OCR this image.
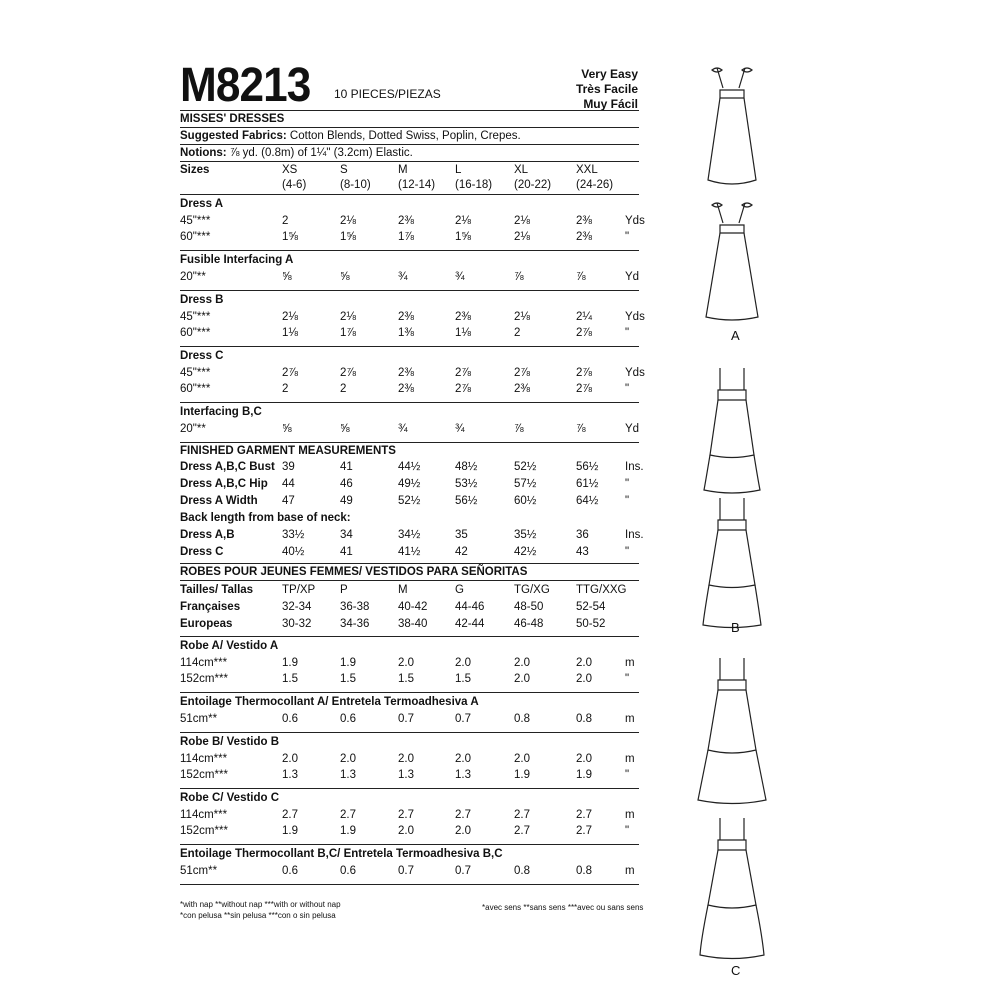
M8213 10 PIECES/PIEZAS
Very Easy
Très Facile
Muy Fácil
MISSES' DRESSES
Suggested Fabrics: Cotton Blends, Dotted Swiss, Poplin, Crepes.
Notions: ⅞ yd. (0.8m) of 1¼" (3.2cm) Elastic.
Sizes	XS	S	M	L	XL	XXL
(4-6)	(8-10) (12-14) (16-18) (20-22) (24-26)
Dress A
45"***	2	2⅛	2⅜	2⅛	2⅛	2⅜	Yds
60"***	1⅝	1⅝	1⅞	1⅝	2⅛	2⅜	"
Fusible Interfacing A
20"**	⅝	⅝	¾	¾	⅞	⅞	Yd
Dress B
45"***	2⅛	2⅛	2⅜	2⅜	2⅛	2¼	Yds
60"***	1⅛	1⅞	1⅜	1⅛	2	2⅞	"
Dress C
45"***	2⅞	2⅞	2⅜	2⅞	2⅞	2⅞	Yds
60"***	2	2	2⅜	2⅞	2⅜	2⅞	"
Interfacing B,C
20"**	⅝	⅝	¾	¾	⅞	⅞	Yd
FINISHED GARMENT MEASUREMENTS
Dress A,B,C Bust 39	41	44½	48½	52½	56½ Ins.
Dress A,B,C Hip 44	46	49½	53½	57½	61½ "
Dress A Width 47	49	52½	56½	60½	64½ "
Back length from base of neck:
Dress A,B	33½	34	34½	35	35½	36	Ins.
Dress C	40½	41	41½	42	42½	43	"
ROBES POUR JEUNES FEMMES/ VESTIDOS PARA SEÑORITAS
Tailles/ Tallas	TP/XP P	M	G	TG/XG TTG/XXG
Françaises	32-34 36-38 40-42 44-46	48-50	52-54
Europeas	30-32 34-36 38-40 42-44	46-48	50-52
Robe A/ Vestido A
114cm***	1.9	1.9	2.0	2.0	2.0	2.0	m
152cm***	1.5	1.5	1.5	1.5	2.0	2.0	"
Entoilage Thermocollant A/ Entretela Termoadhesiva A
51cm**	0.6	0.6	0.7	0.7	0.8	0.8	m
Robe B/ Vestido B
114cm***	2.0	2.0	2.0	2.0	2.0	2.0	m
152cm***	1.3	1.3	1.3	1.3	1.9	1.9	"
Robe C/ Vestido C
114cm***	2.7	2.7	2.7	2.7	2.7	2.7	m
152cm***	1.9	1.9	2.0	2.0	2.7	2.7	"
Entoilage Thermocollant B,C/ Entretela Termoadhesiva B,C
51cm**	0.6	0.6	0.7	0.7	0.8	0.8	m
*with nap **without nap ***with or without nap
*con pelusa **sin pelusa ***con o sin pelusa
*avec sens **sans sens ***avec ou sans sens
A
B
C
